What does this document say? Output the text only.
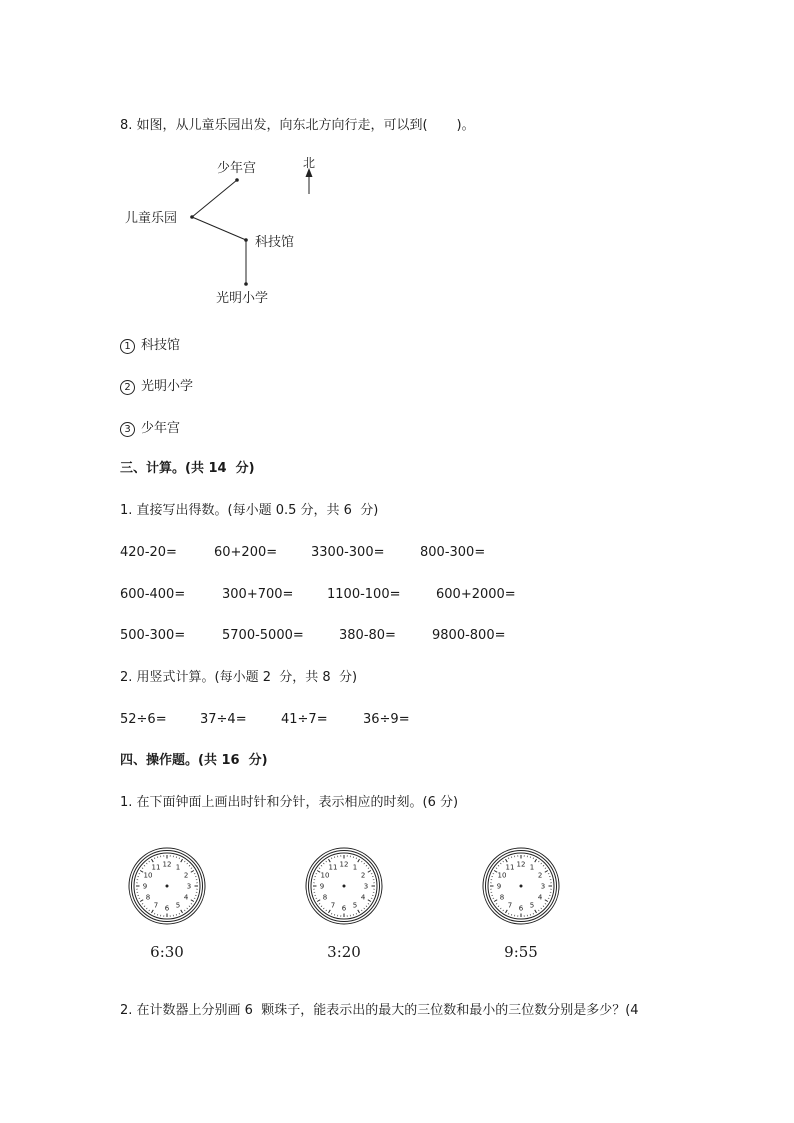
8. 如图，从儿童乐园出发，向东北方向行走，可以到(       )。
北
儿童乐园
少年宫
科技馆
光明小学
1 科技馆
2 光明小学
3 少年宫
三、计算。(共 14  分)
1. 直接写出得数。(每小题 0.5 分，共 6  分)
420-20=	60+200=	3300-300=	800-300=
600-400=	300+700=	1100-100=	600+2000=
500-300=	5700-5000=	380-80=	9800-800=
2. 用竖式计算。(每小题 2  分，共 8  分)
52÷6=	37÷4=	41÷7=	36÷9=
四、操作题。(共 16  分)
1. 在下面钟面上画出时针和分针，表示相应的时刻。(6 分)
1
2
3
4
5
6
7
8
9
10
11 12
6:30
1
2
3
4
5
6
7
8
9
10
11 12
3:20
1
2
3
4
5
6
7
8
9
10
11 12
9:55
2. 在计数器上分别画 6  颗珠子，能表示出的最大的三位数和最小的三位数分别是多少？(4
